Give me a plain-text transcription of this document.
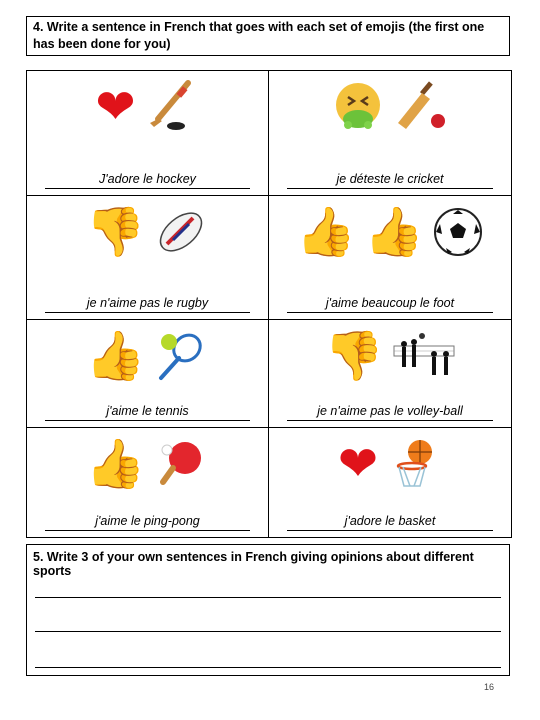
4. Write a sentence in French that goes with each set of emojis (the first one has been done for you)
❤
J'adore le hockey	je déteste le cricket
👎
je n'aime pas le rugby
👍 👍
j'aime beaucoup le foot
👍
j'aime le tennis
👎
je n'aime pas le volley-ball
👍
j'aime le ping-pong
❤
j'adore le basket
5. Write 3 of your own sentences in French giving opinions about different sports
16
